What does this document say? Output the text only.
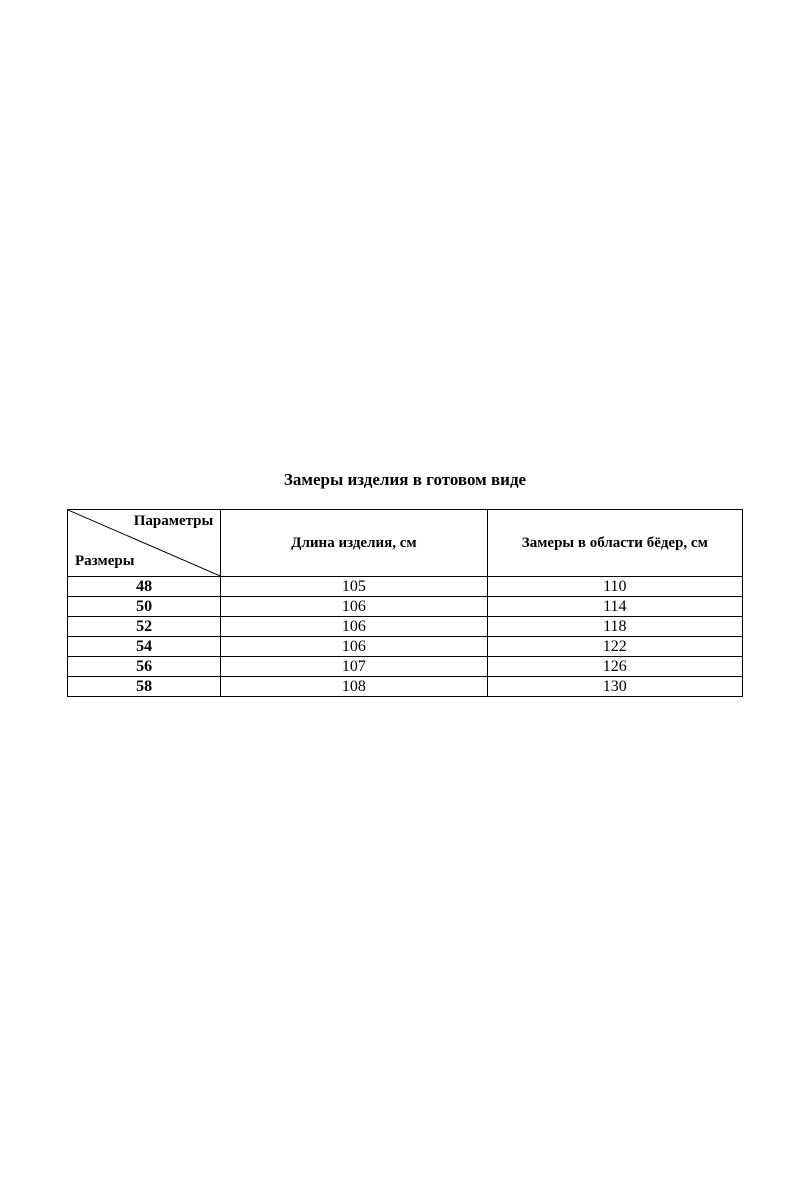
Замеры изделия в готовом виде
Параметры
Размеры	Длина изделия, см	Замеры в области бёдер, см
48	105	110
50	106	114
52	106	118
54	106	122
56	107	126
58	108	130
